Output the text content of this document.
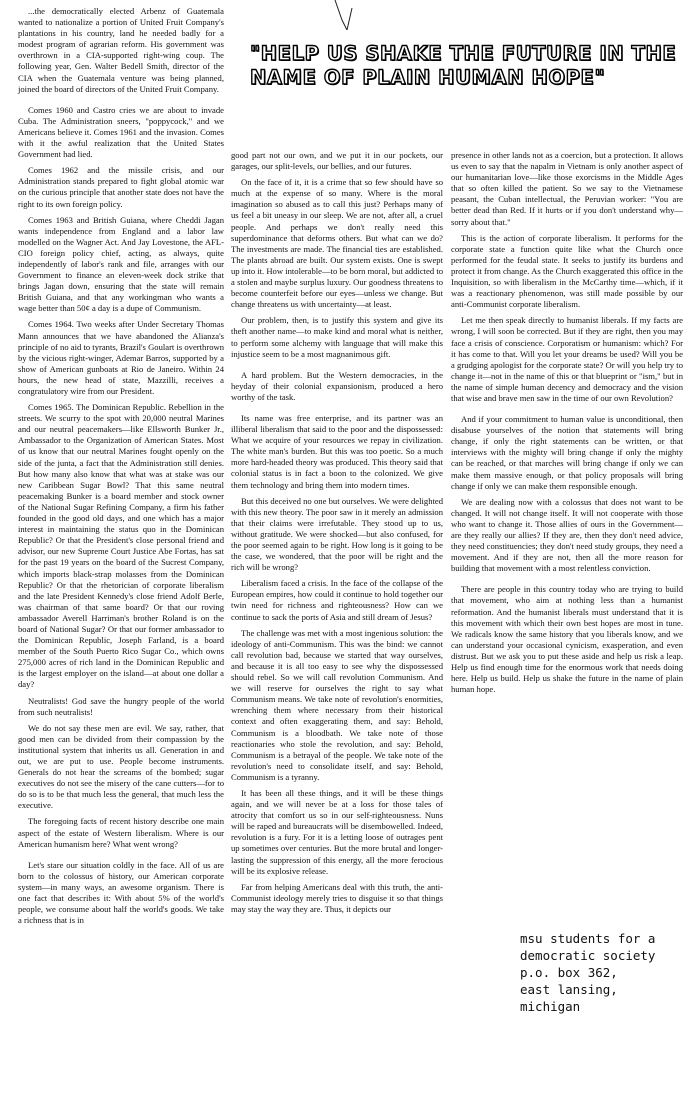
"HELP US SHAKE THE FUTURE IN THE NAME OF PLAIN HUMAN HOPE"

...the democratically elected Arbenz of Guatemala wanted to nationalize a portion of United Fruit Company's plantations in his country, land he needed badly for a modest program of agrarian reform. His government was overthrown in a CIA-supported right-wing coup. The following year, Gen. Walter Bedell Smith, director of the CIA when the Guatemala venture was being planned, joined the board of directors of the United Fruit Company.

Comes 1960 and Castro cries we are about to invade Cuba. The Administration sneers, "poppycock," and we Americans believe it. Comes 1961 and the invasion. Comes with it the awful realization that the United States Government had lied.

Comes 1962 and the missile crisis, and our Administration stands prepared to fight global atomic war on the curious principle that another state does not have the right to its own foreign policy.

Comes 1963 and British Guiana, where Cheddi Jagan wants independence from England and a labor law modelled on the Wagner Act. And Jay Lovestone, the AFL-CIO foreign policy chief, acting, as always, quite independently of labor's rank and file, arranges with our Government to finance an eleven-week dock strike that brings Jagan down, ensuring that the state will remain British Guiana, and that any workingman who wants a wage better than 50¢ a day is a dupe of Communism.

Comes 1964. Two weeks after Under Secretary Thomas Mann announces that we have abandoned the Alianza's principle of no aid to tyrants, Brazil's Goulart is overthrown by the vicious right-winger, Ademar Barros, supported by a show of American gunboats at Rio de Janeiro. Within 24 hours, the new head of state, Mazzilli, receives a congratulatory wire from our President.

Comes 1965. The Dominican Republic. Rebellion in the streets. We scurry to the spot with 20,000 neutral Marines and our neutral peacemakers—like Ellsworth Bunker Jr., Ambassador to the Organization of American States. Most of us know that our neutral Marines fought openly on the side of the junta, a fact that the Administration still denies. But how many also know that what was at stake was our new Caribbean Sugar Bowl? That this same neutral peacemaking Bunker is a board member and stock owner of the National Sugar Refining Company, a firm his father founded in the good old days, and one which has a major interest in maintaining the status quo in the Dominican Republic? Or that the President's close personal friend and advisor, our new Supreme Court Justice Abe Fortas, has sat for the past 19 years on the board of the Sucrest Company, which imports black-strap molasses from the Dominican Republic? Or that the rhetorician of corporate liberalism and the late President Kennedy's close friend Adolf Berle, was chairman of that same board? Or that our roving ambassador Averell Harriman's brother Roland is on the board of National Sugar? Or that our former ambassador to the Dominican Republic, Joseph Farland, is a board member of the South Puerto Rico Sugar Co., which owns 275,000 acres of rich land in the Dominican Republic and is the largest employer on the island—at about one dollar a day?

Neutralists! God save the hungry people of the world from such neutralists!

We do not say these men are evil. We say, rather, that good men can be divided from their compassion by the institutional system that inherits us all. Generation in and out, we are put to use. People become instruments. Generals do not hear the screams of the bombed; sugar executives do not see the misery of the cane cutters—for to do so is to be that much less the general, that much less the executive.

The foregoing facts of recent history describe one main aspect of the estate of Western liberalism. Where is our American humanism here? What went wrong?

Let's stare our situation coldly in the face. All of us are born to the colossus of history, our American corporate system—in many ways, an awesome organism. There is one fact that describes it: With about 5% of the world's people, we consume about half the world's goods. We take a richness that is in

good part not our own, and we put it in our pockets, our garages, our split-levels, our bellies, and our futures.

On the face of it, it is a crime that so few should have so much at the expense of so many. Where is the moral imagination so abused as to call this just? Perhaps many of us feel a bit uneasy in our sleep. We are not, after all, a cruel people. And perhaps we don't really need this superdominance that deforms others. But what can we do? The investments are made. The financial ties are established. The plants abroad are built. Our system exists. One is swept up into it. How intolerable—to be born moral, but addicted to a stolen and maybe surplus luxury. Our goodness threatens to become counterfeit before our eyes—unless we change. But change threatens us with uncertainty—at least.

Our problem, then, is to justify this system and give its theft another name—to make kind and moral what is neither, to perform some alchemy with language that will make this injustice seem to be a most magnanimous gift.

A hard problem. But the Western democracies, in the heyday of their colonial expansionism, produced a hero worthy of the task.

Its name was free enterprise, and its partner was an illiberal liberalism that said to the poor and the dispossessed: What we acquire of your resources we repay in civilization. The white man's burden. But this was too poetic. So a much more hard-headed theory was produced. This theory said that colonial status is in fact a boon to the colonized. We give them technology and bring them into modern times.

But this deceived no one but ourselves. We were delighted with this new theory. The poor saw in it merely an admission that their claims were irrefutable. They stood up to us, without gratitude. We were shocked—but also confused, for the poor seemed again to be right. How long is it going to be the case, we wondered, that the poor will be right and the rich will be wrong?

Liberalism faced a crisis. In the face of the collapse of the European empires, how could it continue to hold together our twin need for richness and righteousness? How can we continue to sack the ports of Asia and still dream of Jesus?

The challenge was met with a most ingenious solution: the ideology of anti-Communism. This was the bind: we cannot call revolution bad, because we started that way ourselves, and because it is all too easy to see why the dispossessed should rebel. So we will call revolution Communism. And we will reserve for ourselves the right to say what Communism means. We take note of revolution's enormities, wrenching them where necessary from their historical context and often exaggerating them, and say: Behold, Communism is a bloodbath. We take note of those reactionaries who stole the revolution, and say: Behold, Communism is a betrayal of the people. We take note of the revolution's need to consolidate itself, and say: Behold, Communism is a tyranny.

It has been all these things, and it will be these things again, and we will never be at a loss for those tales of atrocity that comfort us so in our self-righteousness. Nuns will be raped and bureaucrats will be disembowelled. Indeed, revolution is a fury. For it is a letting loose of outrages pent up sometimes over centuries. But the more brutal and longer-lasting the suppression of this energy, all the more ferocious will be its explosive release.

Far from helping Americans deal with this truth, the anti-Communist ideology merely tries to disguise it so that things may stay the way they are. Thus, it depicts our

presence in other lands not as a coercion, but a protection. It allows us even to say that the napalm in Vietnam is only another aspect of our humanitarian love—like those exorcisms in the Middle Ages that so often killed the patient. So we say to the Vietnamese peasant, the Cuban intellectual, the Peruvian worker: "You are better dead than Red. If it hurts or if you don't understand why—sorry about that."

This is the action of corporate liberalism. It performs for the corporate state a function quite like what the Church once performed for the feudal state. It seeks to justify its burdens and protect it from change. As the Church exaggerated this office in the Inquisition, so with liberalism in the McCarthy time—which, if it was a reactionary phenomenon, was still made possible by our anti-Communist corporate liberalism.

Let me then speak directly to humanist liberals. If my facts are wrong, I will soon be corrected. But if they are right, then you may face a crisis of conscience. Corporatism or humanism: which? For it has come to that. Will you let your dreams be used? Will you be a grudging apologist for the corporate state? Or will you help try to change it—not in the name of this or that blueprint or "ism," but in the name of simple human decency and democracy and the vision that wise and brave men saw in the time of our own Revolution?

And if your commitment to human value is unconditional, then disabuse yourselves of the notion that statements will bring change, if only the right statements can be written, or that interviews with the mighty will bring change if only the mighty can be reached, or that marches will bring change if only we can make them massive enough, or that policy proposals will bring change if only we can make them responsible enough.

We are dealing now with a colossus that does not want to be changed. It will not change itself. It will not cooperate with those who want to change it. Those allies of ours in the Government—are they really our allies? If they are, then they don't need advice, they need constituencies; they don't need study groups, they need a movement. And if they are not, then all the more reason for building that movement with a most relentless conviction.

There are people in this country today who are trying to build that movement, who aim at nothing less than a humanist reformation. And the humanist liberals must understand that it is this movement with which their own best hopes are most in tune. We radicals know the same history that you liberals know, and we can understand your occasional cynicism, exasperation, and even distrust. But we ask you to put these aside and help us risk a leap. Help us find enough time for the enormous work that needs doing here. Help us build. Help us shake the future in the name of plain human hope.

msu students for a
democratic society
p.o. box 362,
east lansing,
michigan
